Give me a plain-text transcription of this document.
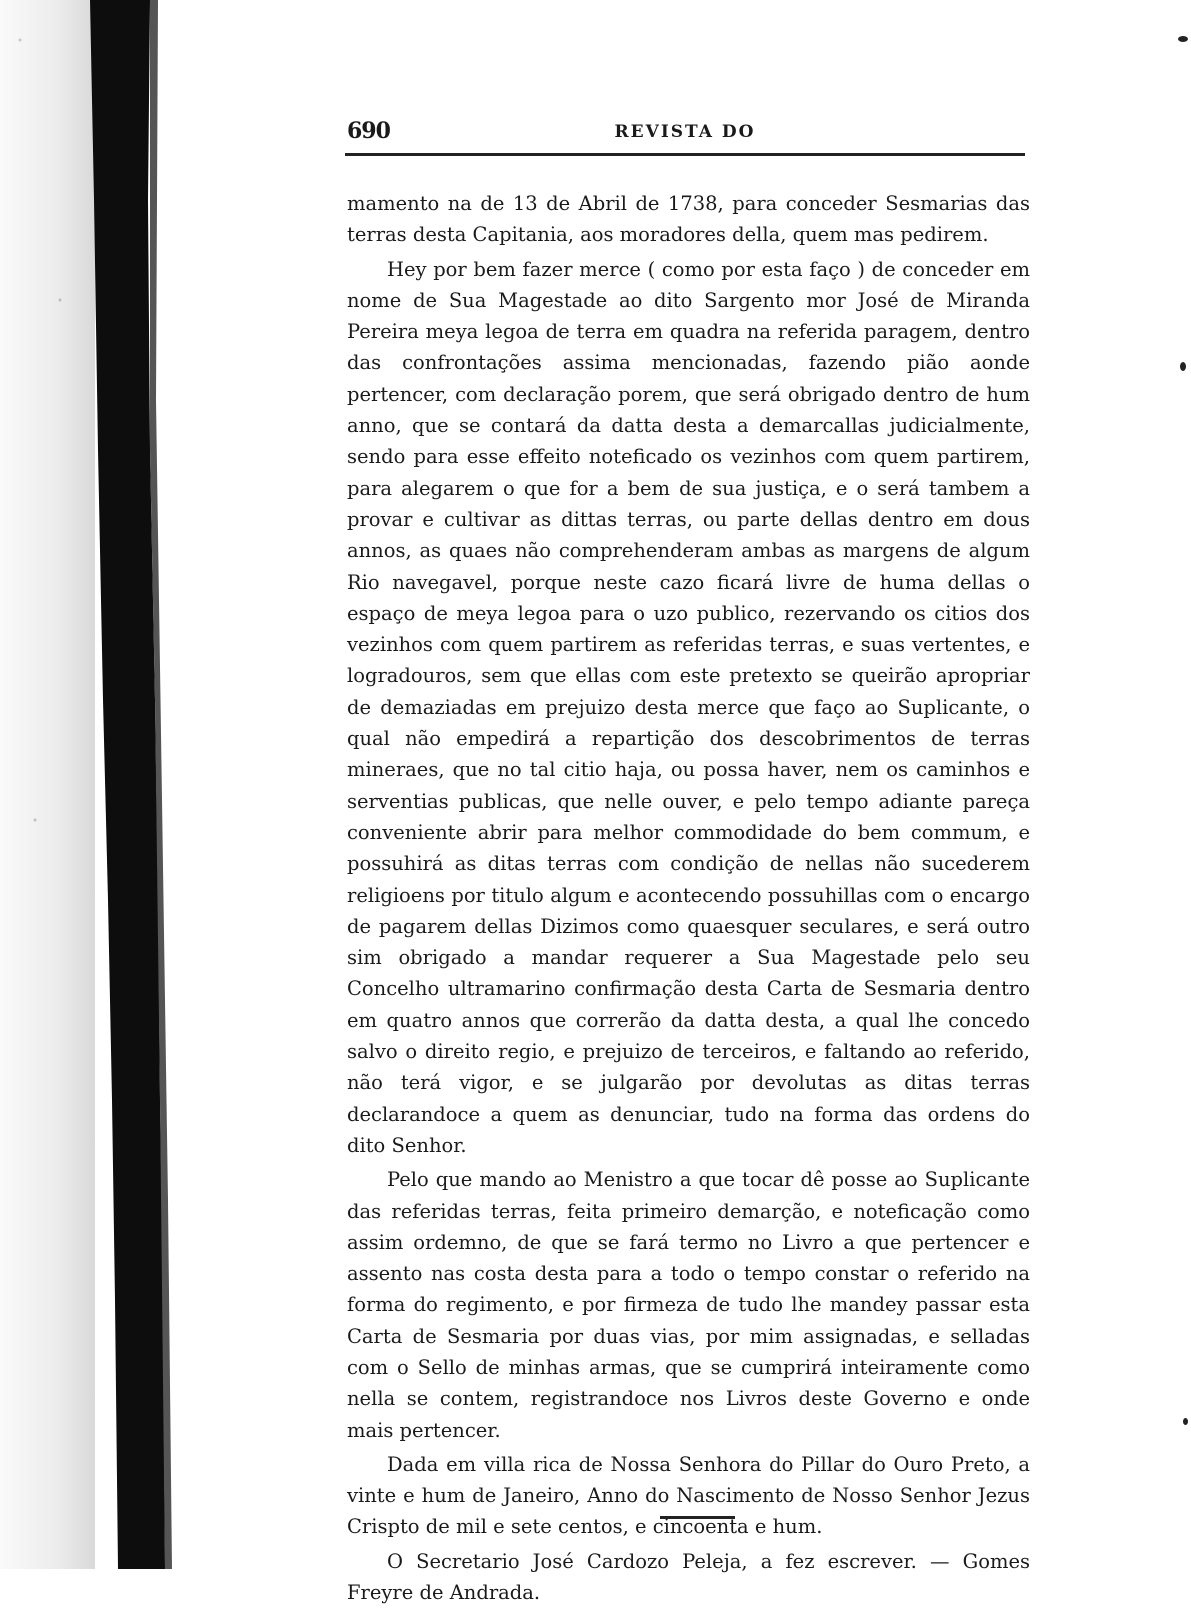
690	REVISTA DO

mamento na de 13 de Abril de 1738, para conceder Sesmarias das terras desta Capitania, aos moradores della, quem mas pedirem.

Hey por bem fazer merce ( como por esta faço ) de conceder em nome de Sua Magestade ao dito Sargento mor José de Miranda Pereira meya legoa de terra em quadra na referida paragem, dentro das confrontações assima mencionadas, fazendo pião aonde pertencer, com declaração porem, que será obrigado dentro de hum anno, que se contará da datta desta a demarcallas judicialmente, sendo para esse effeito noteficado os vezinhos com quem partirem, para alegarem o que for a bem de sua justiça, e o será tambem a provar e cultivar as dittas terras, ou parte dellas dentro em dous annos, as quaes não comprehenderam ambas as margens de algum Rio navegavel, porque neste cazo ficará livre de huma dellas o espaço de meya legoa para o uzo publico, rezervando os citios dos vezinhos com quem partirem as referidas terras, e suas vertentes, e logradouros, sem que ellas com este pretexto se queirão apropriar de demaziadas em prejuizo desta merce que faço ao Suplicante, o qual não empedirá a repartição dos descobrimentos de terras mineraes, que no tal citio haja, ou possa haver, nem os caminhos e serventias publicas, que nelle ouver, e pelo tempo adiante pareça conveniente abrir para melhor commodidade do bem commum, e possuhirá as ditas terras com condição de nellas não sucederem religioens por titulo algum e acontecendo possuhillas com o encargo de pagarem dellas Dizimos como quaesquer seculares, e será outro sim obrigado a mandar requerer a Sua Magestade pelo seu Concelho ultramarino confirmação desta Carta de Sesmaria dentro em quatro annos que correrão da datta desta, a qual lhe concedo salvo o direito regio, e prejuizo de terceiros, e faltando ao referido, não terá vigor, e se julgarão por devolutas as ditas terras declarandoce a quem as denunciar, tudo na forma das ordens do dito Senhor.

Pelo que mando ao Menistro a que tocar dê posse ao Suplicante das referidas terras, feita primeiro demarção, e noteficação como assim ordemno, de que se fará termo no Livro a que pertencer e assento nas costa desta para a todo o tempo constar o referido na forma do regimento, e por firmeza de tudo lhe mandey passar esta Carta de Sesmaria por duas vias, por mim assignadas, e selladas com o Sello de minhas armas, que se cumprirá inteiramente como nella se contem, registrandoce nos Livros deste Governo e onde mais pertencer.

Dada em villa rica de Nossa Senhora do Pillar do Ouro Preto, a vinte e hum de Janeiro, Anno do Nascimento de Nosso Senhor Jezus Crispto de mil e sete centos, e cincoenta e hum.

O Secretario José Cardozo Peleja, a fez escrever. — Gomes Freyre de Andrada.
